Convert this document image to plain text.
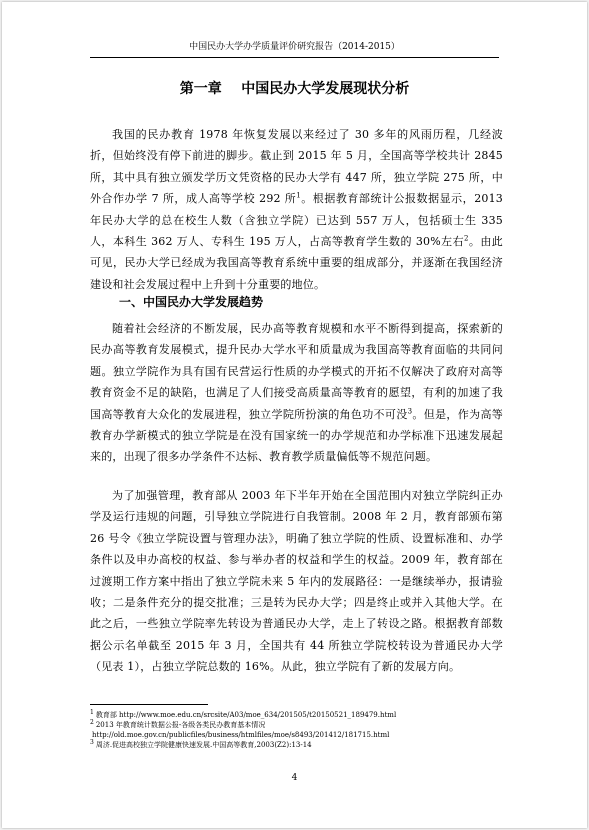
中国民办大学办学质量评价研究报告（2014-2015）
第一章    中国民办大学发展现状分析

我国的民办教育 1978 年恢复发展以来经过了 30 多年的风雨历程，几经波折，但始终没有停下前进的脚步。截止到 2015 年 5 月，全国高等学校共计 2845 所，其中具有独立颁发学历文凭资格的民办大学有 447 所，独立学院 275 所，中外合作办学 7 所，成人高等学校 292 所$^1$。根据教育部统计公报数据显示，2013 年民办大学的总在校生人数（含独立学院）已达到 557 万人，包括硕士生 335 人，本科生 362 万人、专科生 195 万人，占高等教育学生数的 30%左右$^2$。由此可见，民办大学已经成为我国高等教育系统中重要的组成部分，并逐渐在我国经济建设和社会发展过程中上升到十分重要的地位。

一、中国民办大学发展趋势

随着社会经济的不断发展，民办高等教育规模和水平不断得到提高，探索新的民办高等教育发展模式，提升民办大学水平和质量成为我国高等教育面临的共同问题。独立学院作为具有国有民营运行性质的办学模式的开拓不仅解决了政府对高等教育资金不足的缺陷，也满足了人们接受高质量高等教育的愿望，有利的加速了我国高等教育大众化的发展进程，独立学院所扮演的角色功不可没$^3$。但是，作为高等教育办学新模式的独立学院是在没有国家统一的办学规范和办学标准下迅速发展起来的，出现了很多办学条件不达标、教育教学质量偏低等不规范问题。

为了加强管理，教育部从 2003 年下半年开始在全国范围内对独立学院纠正办学及运行违规的问题，引导独立学院进行自我管制。2008 年 2 月，教育部颁布第 26 号令《独立学院设置与管理办法》，明确了独立学院的性质、设置标准和、办学条件以及申办高校的权益、参与举办者的权益和学生的权益。2009 年，教育部在过渡期工作方案中指出了独立学院未来 5 年内的发展路径：一是继续举办，报请验收；二是条件充分的提交批准；三是转为民办大学；四是终止或并入其他大学。在此之后，一些独立学院率先转设为普通民办大学，走上了转设之路。根据教育部数据公示名单截至 2015 年 3 月，全国共有 44 所独立学院校转设为普通民办大学（见表 1），占独立学院总数的 16%。从此，独立学院有了新的发展方向。

1 教育部 http://www.moe.edu.cn/srcsite/A03/moe_634/201505/t20150521_189479.html
2 2013 年教育统计数据公报-各级各类民办教育基本情况
http://old.moe.gov.cn/publicfiles/business/htmlfiles/moe/s8493/201412/181715.html
3 周济.促进高校独立学院健康快速发展.中国高等教育,2003(Z2):13-14
4
